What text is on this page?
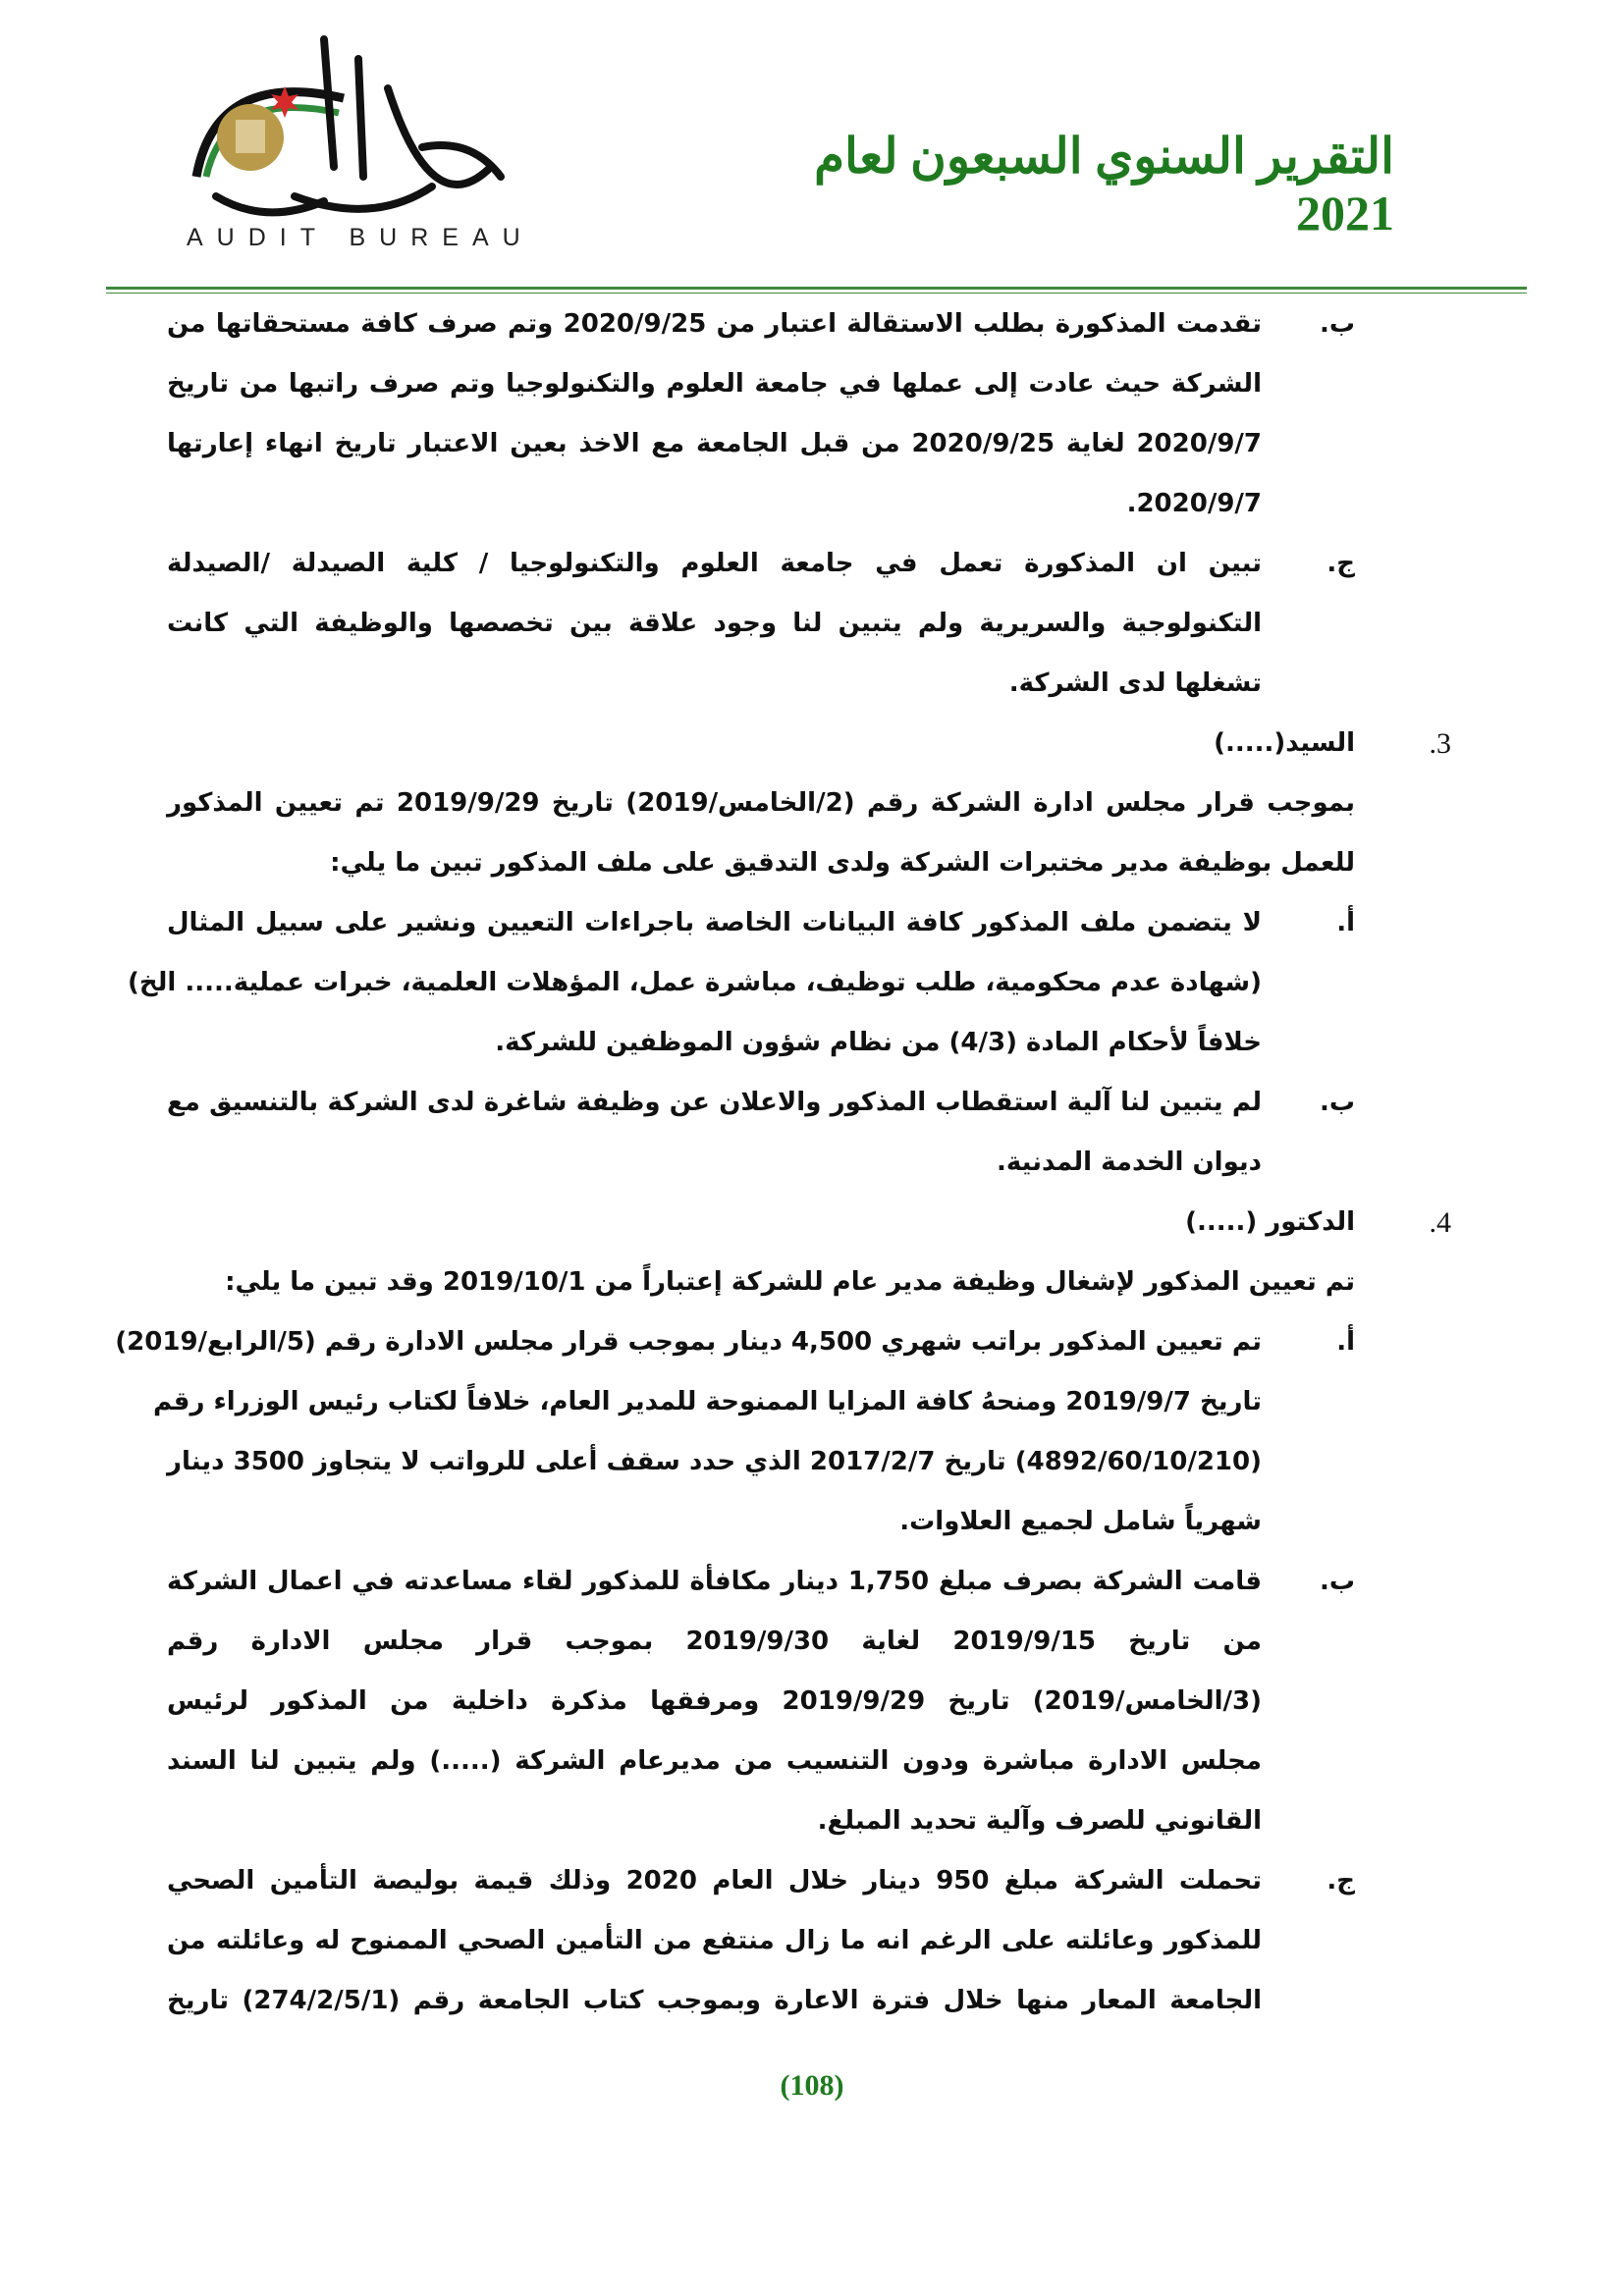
AUDIT BUREAU
التقرير السنوي السبعون لعام 2021
ب.
تقدمت المذكورة بطلب الاستقالة اعتبار من 2020/9/25 وتم صرف كافة مستحقاتها من
الشركة حيث عادت إلى عملها في جامعة العلوم والتكنولوجيا وتم صرف راتبها من تاريخ
2020/9/7 لغاية 2020/9/25 من قبل الجامعة مع الاخذ بعين الاعتبار تاريخ انهاء إعارتها
2020/9/7.
ج.
تبين ان المذكورة تعمل في جامعة العلوم والتكنولوجيا / كلية الصيدلة /الصيدلة
التكنولوجية والسريرية ولم يتبين لنا وجود علاقة بين تخصصها والوظيفة التي كانت
تشغلها لدى الشركة.
3.
السيد(.....)
بموجب قرار مجلس ادارة الشركة رقم (2/الخامس/2019) تاريخ 2019/9/29 تم تعيين المذكور
للعمل بوظيفة مدير مختبرات الشركة ولدى التدقيق على ملف المذكور تبين ما يلي:
أ.
لا يتضمن ملف المذكور كافة البيانات الخاصة باجراءات التعيين ونشير على سبيل المثال
(شهادة عدم محكومية، طلب توظيف، مباشرة عمل، المؤهلات العلمية، خبرات عملية..... الخ)
خلافاً لأحكام المادة (4/3) من نظام شؤون الموظفين للشركة.
ب.
لم يتبين لنا آلية استقطاب المذكور والاعلان عن وظيفة شاغرة لدى الشركة بالتنسيق مع
ديوان الخدمة المدنية.
4.
الدكتور (.....)
تم تعيين المذكور لإشغال وظيفة مدير عام للشركة إعتباراً من 2019/10/1 وقد تبين ما يلي:
أ.
تم تعيين المذكور براتب شهري 4,500 دينار بموجب قرار مجلس الادارة رقم (5/الرابع/2019)
تاريخ 2019/9/7 ومنحهُ كافة المزايا الممنوحة للمدير العام، خلافاً لكتاب رئيس الوزراء رقم
(4892/60/10/210) تاريخ 2017/2/7 الذي حدد سقف أعلى للرواتب لا يتجاوز 3500 دينار
شهرياً شامل لجميع العلاوات.
ب.
قامت الشركة بصرف مبلغ 1,750 دينار مكافأة للمذكور لقاء مساعدته في اعمال الشركة
من تاريخ 2019/9/15 لغاية 2019/9/30 بموجب قرار مجلس الادارة رقم
(3/الخامس/2019) تاريخ 2019/9/29 ومرفقها مذكرة داخلية من المذكور لرئيس
مجلس الادارة مباشرة ودون التنسيب من مديرعام الشركة (.....) ولم يتبين لنا السند
القانوني للصرف وآلية تحديد المبلغ.
ج.
تحملت الشركة مبلغ 950 دينار خلال العام 2020 وذلك قيمة بوليصة التأمين الصحي
للمذكور وعائلته على الرغم انه ما زال منتفع من التأمين الصحي الممنوح له وعائلته من
الجامعة المعار منها خلال فترة الاعارة وبموجب كتاب الجامعة رقم (274/2/5/1) تاريخ
(108)
